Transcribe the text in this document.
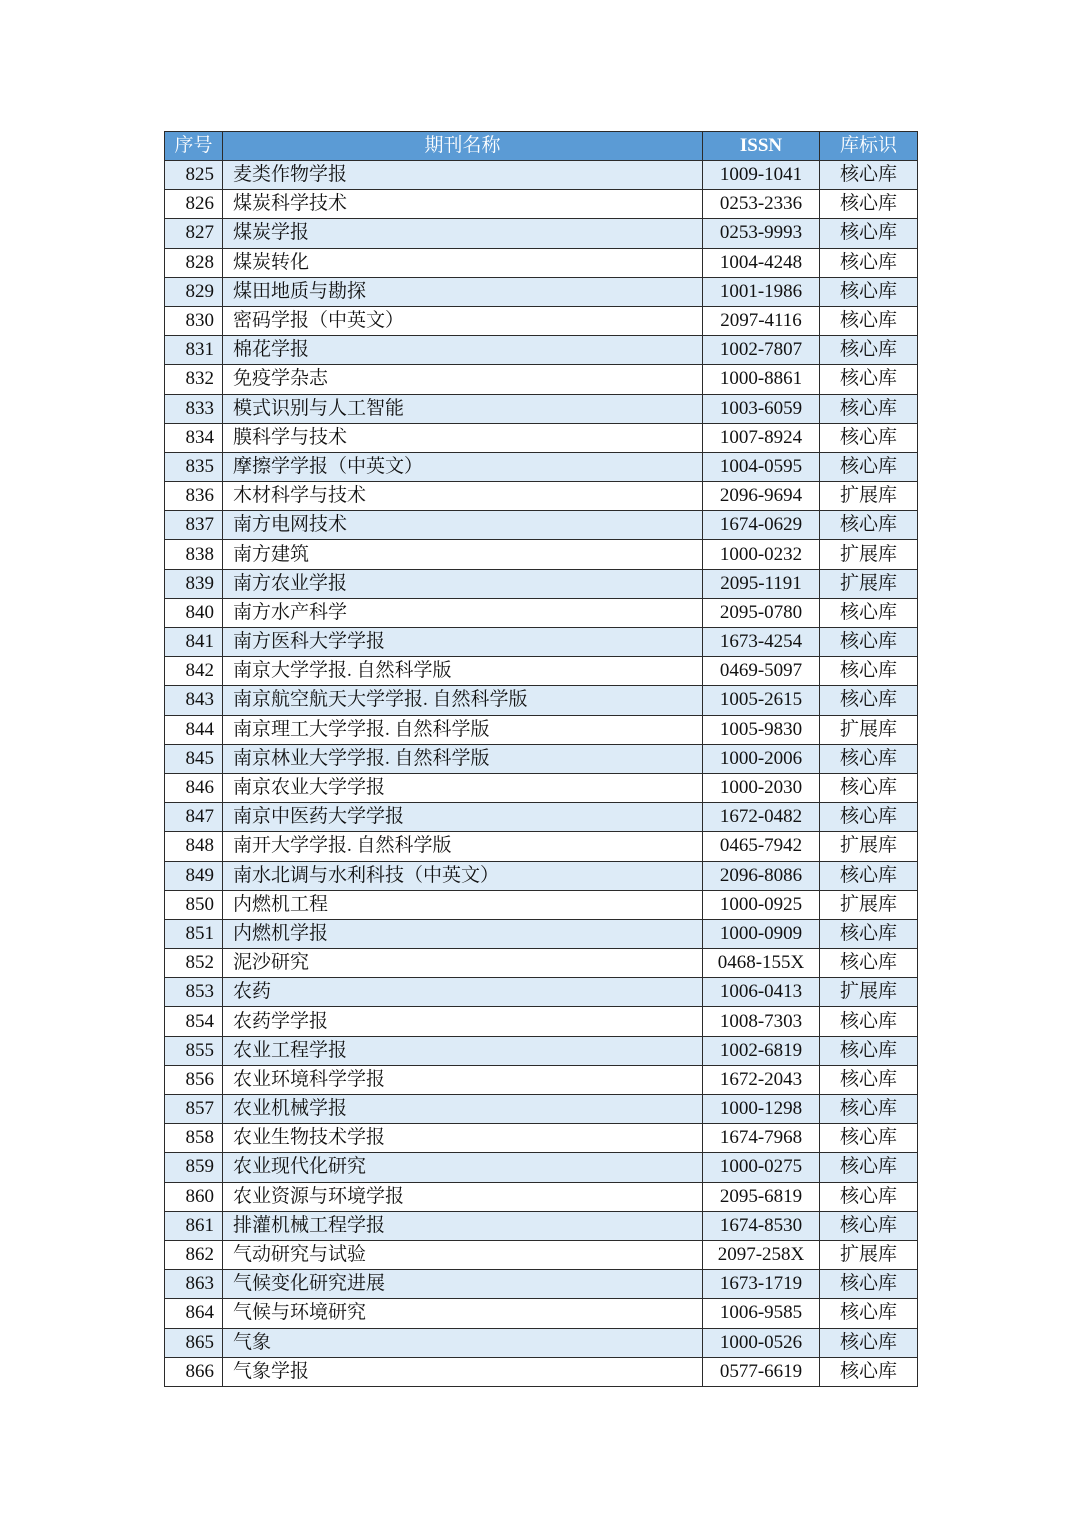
序号	期刊名称	ISSN	库标识
825	麦类作物学报	1009-1041	核心库
826	煤炭科学技术	0253-2336	核心库
827	煤炭学报	0253-9993	核心库
828	煤炭转化	1004-4248	核心库
829	煤田地质与勘探	1001-1986	核心库
830	密码学报（中英文）	2097-4116	核心库
831	棉花学报	1002-7807	核心库
832	免疫学杂志	1000-8861	核心库
833	模式识别与人工智能	1003-6059	核心库
834	膜科学与技术	1007-8924	核心库
835	摩擦学学报（中英文）	1004-0595	核心库
836	木材科学与技术	2096-9694	扩展库
837	南方电网技术	1674-0629	核心库
838	南方建筑	1000-0232	扩展库
839	南方农业学报	2095-1191	扩展库
840	南方水产科学	2095-0780	核心库
841	南方医科大学学报	1673-4254	核心库
842	南京大学学报. 自然科学版	0469-5097	核心库
843	南京航空航天大学学报. 自然科学版	1005-2615	核心库
844	南京理工大学学报. 自然科学版	1005-9830	扩展库
845	南京林业大学学报. 自然科学版	1000-2006	核心库
846	南京农业大学学报	1000-2030	核心库
847	南京中医药大学学报	1672-0482	核心库
848	南开大学学报. 自然科学版	0465-7942	扩展库
849	南水北调与水利科技（中英文）	2096-8086	核心库
850	内燃机工程	1000-0925	扩展库
851	内燃机学报	1000-0909	核心库
852	泥沙研究	0468-155X	核心库
853	农药	1006-0413	扩展库
854	农药学学报	1008-7303	核心库
855	农业工程学报	1002-6819	核心库
856	农业环境科学学报	1672-2043	核心库
857	农业机械学报	1000-1298	核心库
858	农业生物技术学报	1674-7968	核心库
859	农业现代化研究	1000-0275	核心库
860	农业资源与环境学报	2095-6819	核心库
861	排灌机械工程学报	1674-8530	核心库
862	气动研究与试验	2097-258X	扩展库
863	气候变化研究进展	1673-1719	核心库
864	气候与环境研究	1006-9585	核心库
865	气象	1000-0526	核心库
866	气象学报	0577-6619	核心库
